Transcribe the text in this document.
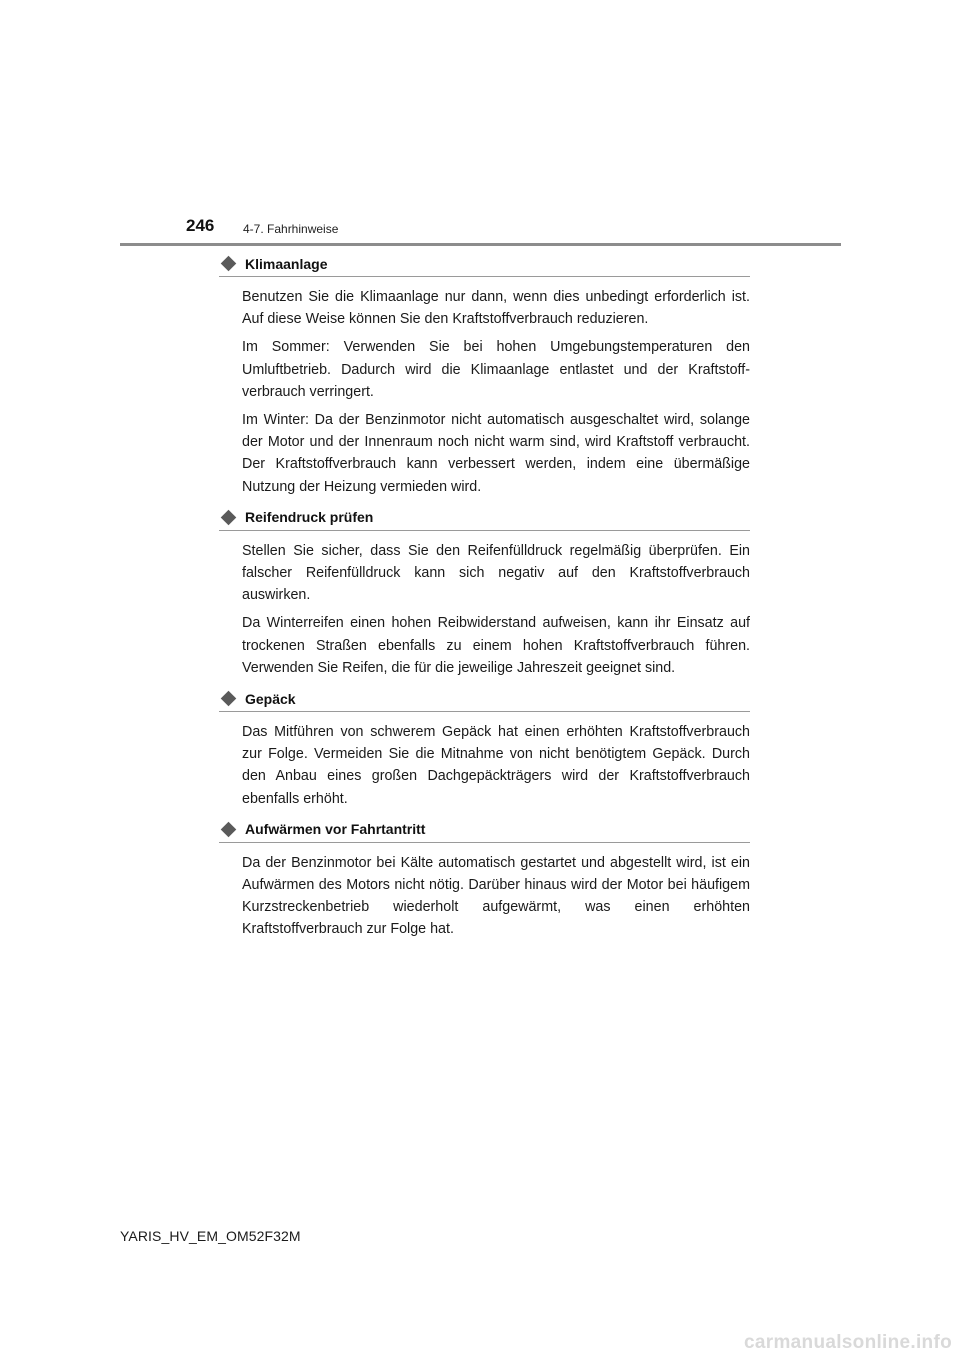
246 4-7. Fahrhinweise
Klimaanlage

Benutzen Sie die Klimaanlage nur dann, wenn dies unbedingt erforderlich ist. Auf diese Weise können Sie den Kraftstoffverbrauch reduzieren.

Im Sommer: Verwenden Sie bei hohen Umgebungstemperaturen den Umluftbetrieb. Dadurch wird die Klimaanlage entlastet und der Kraftstoffverbrauch verringert.

Im Winter: Da der Benzinmotor nicht automatisch ausgeschaltet wird, solange der Motor und der Innenraum noch nicht warm sind, wird Kraftstoff verbraucht. Der Kraftstoffverbrauch kann verbessert werden, indem eine übermäßige Nutzung der Heizung vermieden wird.

Reifendruck prüfen

Stellen Sie sicher, dass Sie den Reifenfülldruck regelmäßig überprüfen. Ein falscher Reifenfülldruck kann sich negativ auf den Kraftstoffverbrauch auswirken.

Da Winterreifen einen hohen Reibwiderstand aufweisen, kann ihr Einsatz auf trockenen Straßen ebenfalls zu einem hohen Kraftstoffverbrauch führen. Verwenden Sie Reifen, die für die jeweilige Jahreszeit geeignet sind.

Gepäck

Das Mitführen von schwerem Gepäck hat einen erhöhten Kraftstoffverbrauch zur Folge. Vermeiden Sie die Mitnahme von nicht benötigtem Gepäck. Durch den Anbau eines großen Dachgepäckträgers wird der Kraftstoffverbrauch ebenfalls erhöht.

Aufwärmen vor Fahrtantritt

Da der Benzinmotor bei Kälte automatisch gestartet und abgestellt wird, ist ein Aufwärmen des Motors nicht nötig. Darüber hinaus wird der Motor bei häufigem Kurzstreckenbetrieb wiederholt aufgewärmt, was einen erhöhten Kraftstoffverbrauch zur Folge hat.

YARIS_HV_EM_OM52F32M
carmanualsonline.info
